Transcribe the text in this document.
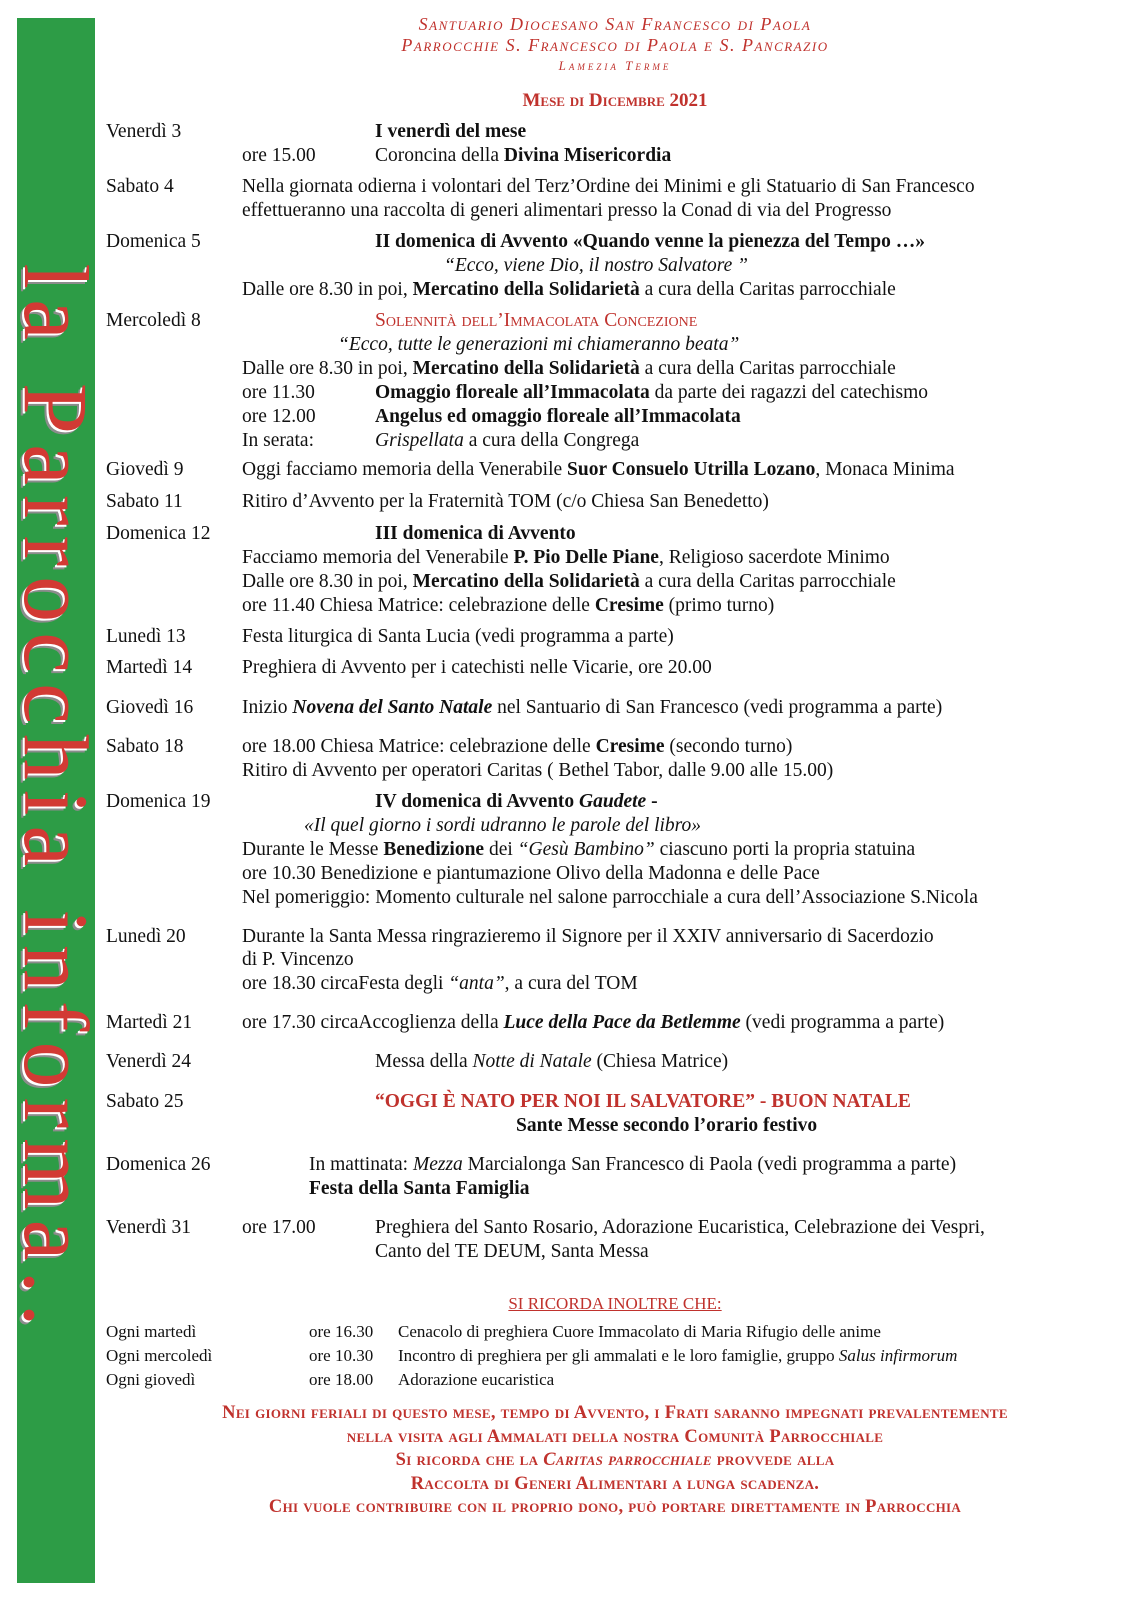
la Parrocchia informa..
Santuario Diocesano San Francesco di Paola
Parrocchie S. Francesco di Paola e S. Pancrazio
Lamezia Terme
Mese di Dicembre 2021
Venerdì 3	I venerdì del mese
ore 15.00	Coroncina della Divina Misericordia
Sabato 4	Nella giornata odierna i volontari del Terz’Ordine dei Minimi e gli Statuario di San Francesco
effettueranno una raccolta di generi alimentari presso la Conad di via del Progresso
Domenica 5	II domenica di Avvento «Quando venne la pienezza del Tempo …»
“Ecco, viene Dio, il nostro Salvatore ”
Dalle ore 8.30 in poi, Mercatino della Solidarietà a cura della Caritas parrocchiale
Mercoledì 8	Solennità dell’Immacolata Concezione
“Ecco, tutte le generazioni mi chiameranno beata”
Dalle ore 8.30 in poi, Mercatino della Solidarietà a cura della Caritas parrocchiale
ore 11.30	Omaggio floreale all’Immacolata da parte dei ragazzi del catechismo
ore 12.00	Angelus ed omaggio floreale all’Immacolata
In serata:	Grispellata a cura della Congrega
Giovedì 9	Oggi facciamo memoria della Venerabile Suor Consuelo Utrilla Lozano, Monaca Minima
Sabato 11	Ritiro d’Avvento per la Fraternità TOM (c/o Chiesa San Benedetto)
Domenica 12	III domenica di Avvento
Facciamo memoria del Venerabile P. Pio Delle Piane, Religioso sacerdote Minimo
Dalle ore 8.30 in poi, Mercatino della Solidarietà a cura della Caritas parrocchiale
ore 11.40 Chiesa Matrice: celebrazione delle Cresime (primo turno)
Lunedì 13	Festa liturgica di Santa Lucia (vedi programma a parte)
Martedì 14	Preghiera di Avvento per i catechisti nelle Vicarie, ore 20.00
Giovedì 16	Inizio Novena del Santo Natale nel Santuario di San Francesco (vedi programma a parte)
Sabato 18	ore 18.00 Chiesa Matrice: celebrazione delle Cresime (secondo turno)
Ritiro di Avvento per operatori Caritas ( Bethel Tabor, dalle 9.00 alle 15.00)
Domenica 19	IV domenica di Avvento Gaudete -
«Il quel giorno i sordi udranno le parole del libro»
Durante le Messe Benedizione dei “Gesù Bambino” ciascuno porti la propria statuina
ore 10.30 Benedizione e piantumazione Olivo della Madonna e delle Pace
Nel pomeriggio: Momento culturale nel salone parrocchiale a cura dell’Associazione S.Nicola
Lunedì 20	Durante la Santa Messa ringrazieremo il Signore per il XXIV anniversario di Sacerdozio
di P. Vincenzo
ore 18.30 circaFesta degli “anta”, a cura del TOM
Martedì 21	ore 17.30 circaAccoglienza della Luce della Pace da Betlemme (vedi programma a parte)
Venerdì 24	Messa della Notte di Natale (Chiesa Matrice)
Sabato 25	“OGGI È NATO PER NOI IL SALVATORE” - BUON NATALE
Sante Messe secondo l’orario festivo
Domenica 26	In mattinata: Mezza Marcialonga San Francesco di Paola (vedi programma a parte)
Festa della Santa Famiglia
Venerdì 31	ore 17.00	Preghiera del Santo Rosario, Adorazione Eucaristica, Celebrazione dei Vespri,
Canto del TE DEUM, Santa Messa
SI RICORDA INOLTRE CHE:
Ogni martedì	ore 16.30 Cenacolo di preghiera Cuore Immacolato di Maria Rifugio delle anime
Ogni mercoledì	ore 10.30 Incontro di preghiera per gli ammalati e le loro famiglie, gruppo Salus infirmorum
Ogni giovedì	ore 18.00 Adorazione eucaristica
Nei giorni feriali di questo mese, tempo di Avvento, i Frati saranno impegnati prevalentemente
nella visita agli Ammalati della nostra Comunità Parrocchiale
Si ricorda che la Caritas parrocchiale provvede alla
Raccolta di Generi Alimentari a lunga scadenza.
Chi vuole contribuire con il proprio dono, può portare direttamente in Parrocchia
